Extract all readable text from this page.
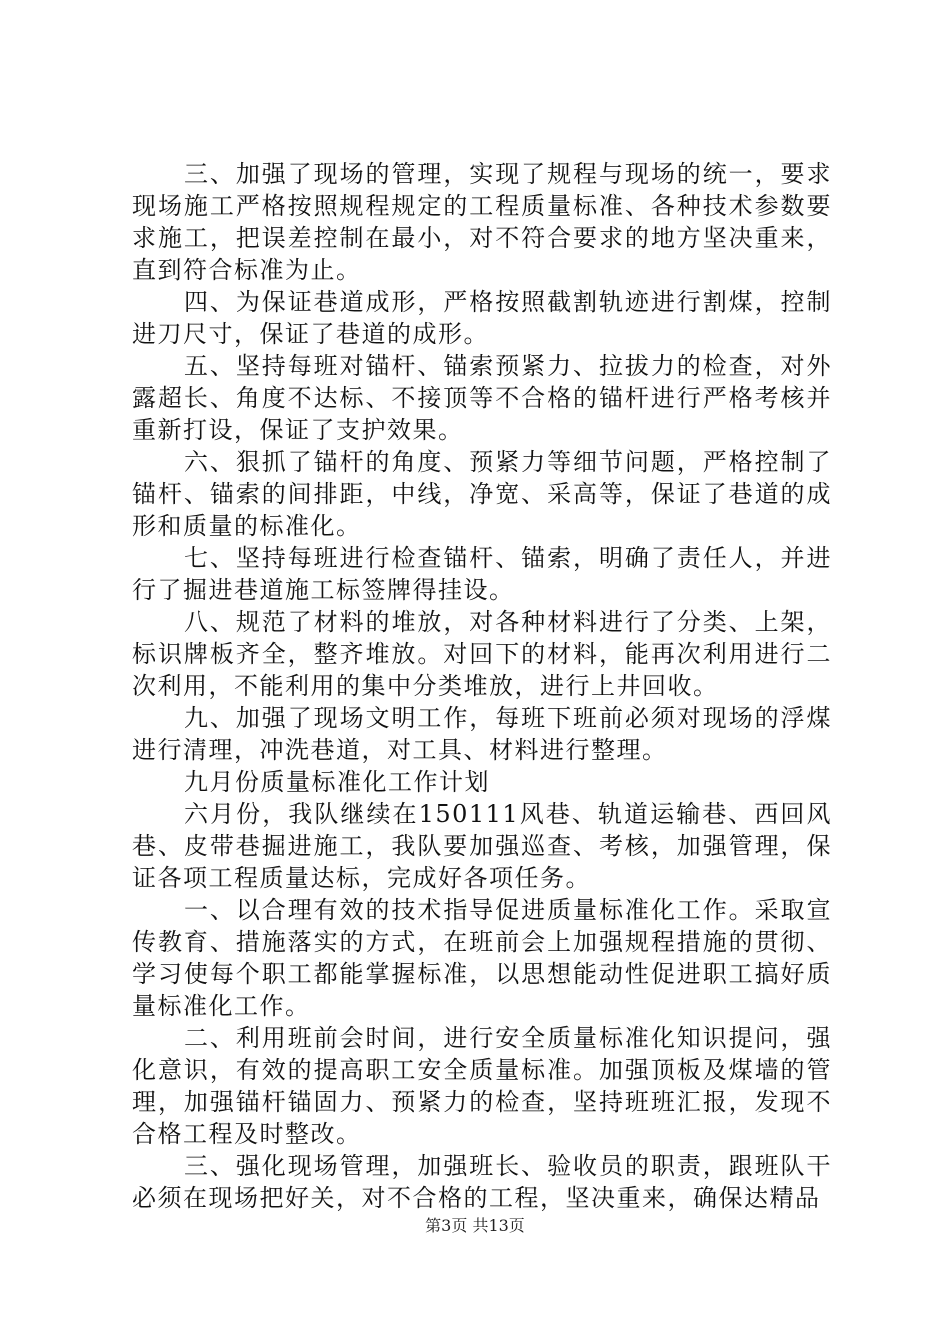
三、加强了现场的管理，实现了规程与现场的统一，要求现场施工严格按照规程规定的工程质量标准、各种技术参数要求施工，把误差控制在最小，对不符合要求的地方坚决重来，直到符合标准为止。

四、为保证巷道成形，严格按照截割轨迹进行割煤，控制进刀尺寸，保证了巷道的成形。

五、坚持每班对锚杆、锚索预紧力、拉拔力的检查，对外露超长、角度不达标、不接顶等不合格的锚杆进行严格考核并重新打设，保证了支护效果。

六、狠抓了锚杆的角度、预紧力等细节问题，严格控制了锚杆、锚索的间排距，中线，净宽、采高等，保证了巷道的成形和质量的标准化。

七、坚持每班进行检查锚杆、锚索，明确了责任人，并进行了掘进巷道施工标签牌得挂设。

八、规范了材料的堆放，对各种材料进行了分类、上架，标识牌板齐全，整齐堆放。对回下的材料，能再次利用进行二次利用，不能利用的集中分类堆放，进行上井回收。

九、加强了现场文明工作，每班下班前必须对现场的浮煤进行清理，冲洗巷道，对工具、材料进行整理。

九月份质量标准化工作计划

六月份，我队继续在150111风巷、轨道运输巷、西回风巷、皮带巷掘进施工，我队要加强巡查、考核，加强管理，保证各项工程质量达标，完成好各项任务。

一、以合理有效的技术指导促进质量标准化工作。采取宣传教育、措施落实的方式，在班前会上加强规程措施的贯彻、学习使每个职工都能掌握标准，以思想能动性促进职工搞好质量标准化工作。

二、利用班前会时间，进行安全质量标准化知识提问，强化意识，有效的提高职工安全质量标准。加强顶板及煤墙的管理，加强锚杆锚固力、预紧力的检查，坚持班班汇报，发现不合格工程及时整改。

三、强化现场管理，加强班长、验收员的职责，跟班队干必须在现场把好关，对不合格的工程，坚决重来，确保达精品

第3页 共13页
